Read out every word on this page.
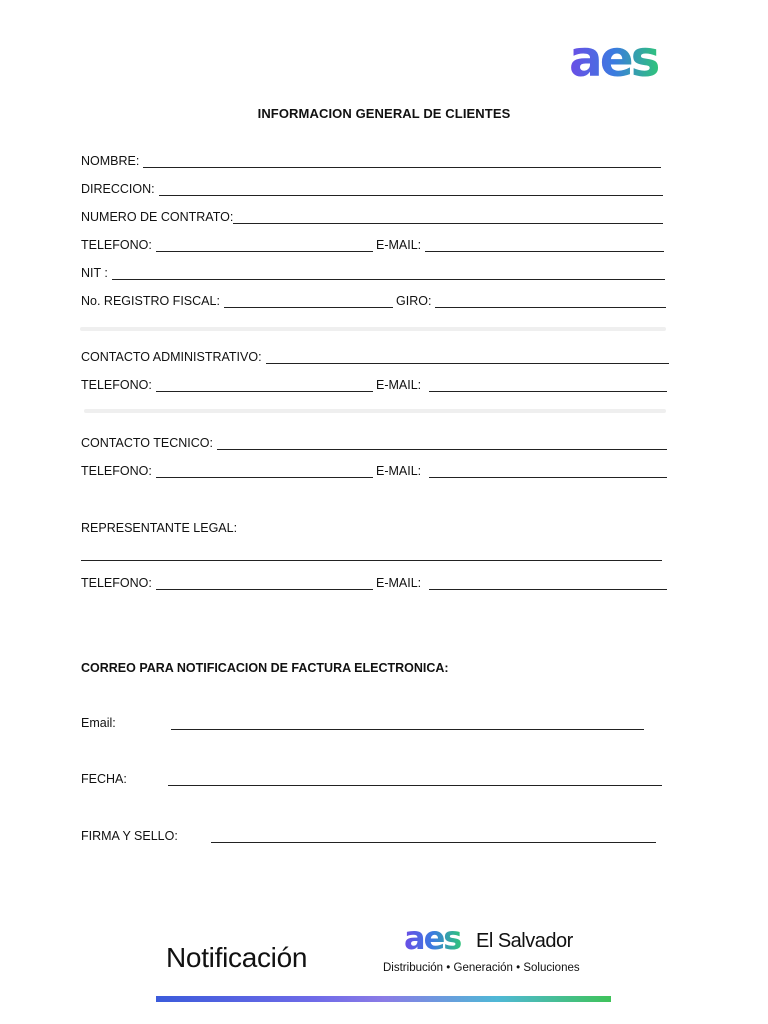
aes
INFORMACION GENERAL DE CLIENTES
NOMBRE:
DIRECCION:
NUMERO DE CONTRATO:
TELEFONO:	E-MAIL:
NIT :
No. REGISTRO FISCAL:	GIRO:
CONTACTO ADMINISTRATIVO:
TELEFONO:	E-MAIL:
CONTACTO TECNICO:
TELEFONO:	E-MAIL:
REPRESENTANTE LEGAL:
TELEFONO:	E-MAIL:
CORREO PARA NOTIFICACION DE FACTURA ELECTRONICA:
Email:
FECHA:
FIRMA Y SELLO:
Notificación
aes El Salvador
Distribución • Generación • Soluciones
